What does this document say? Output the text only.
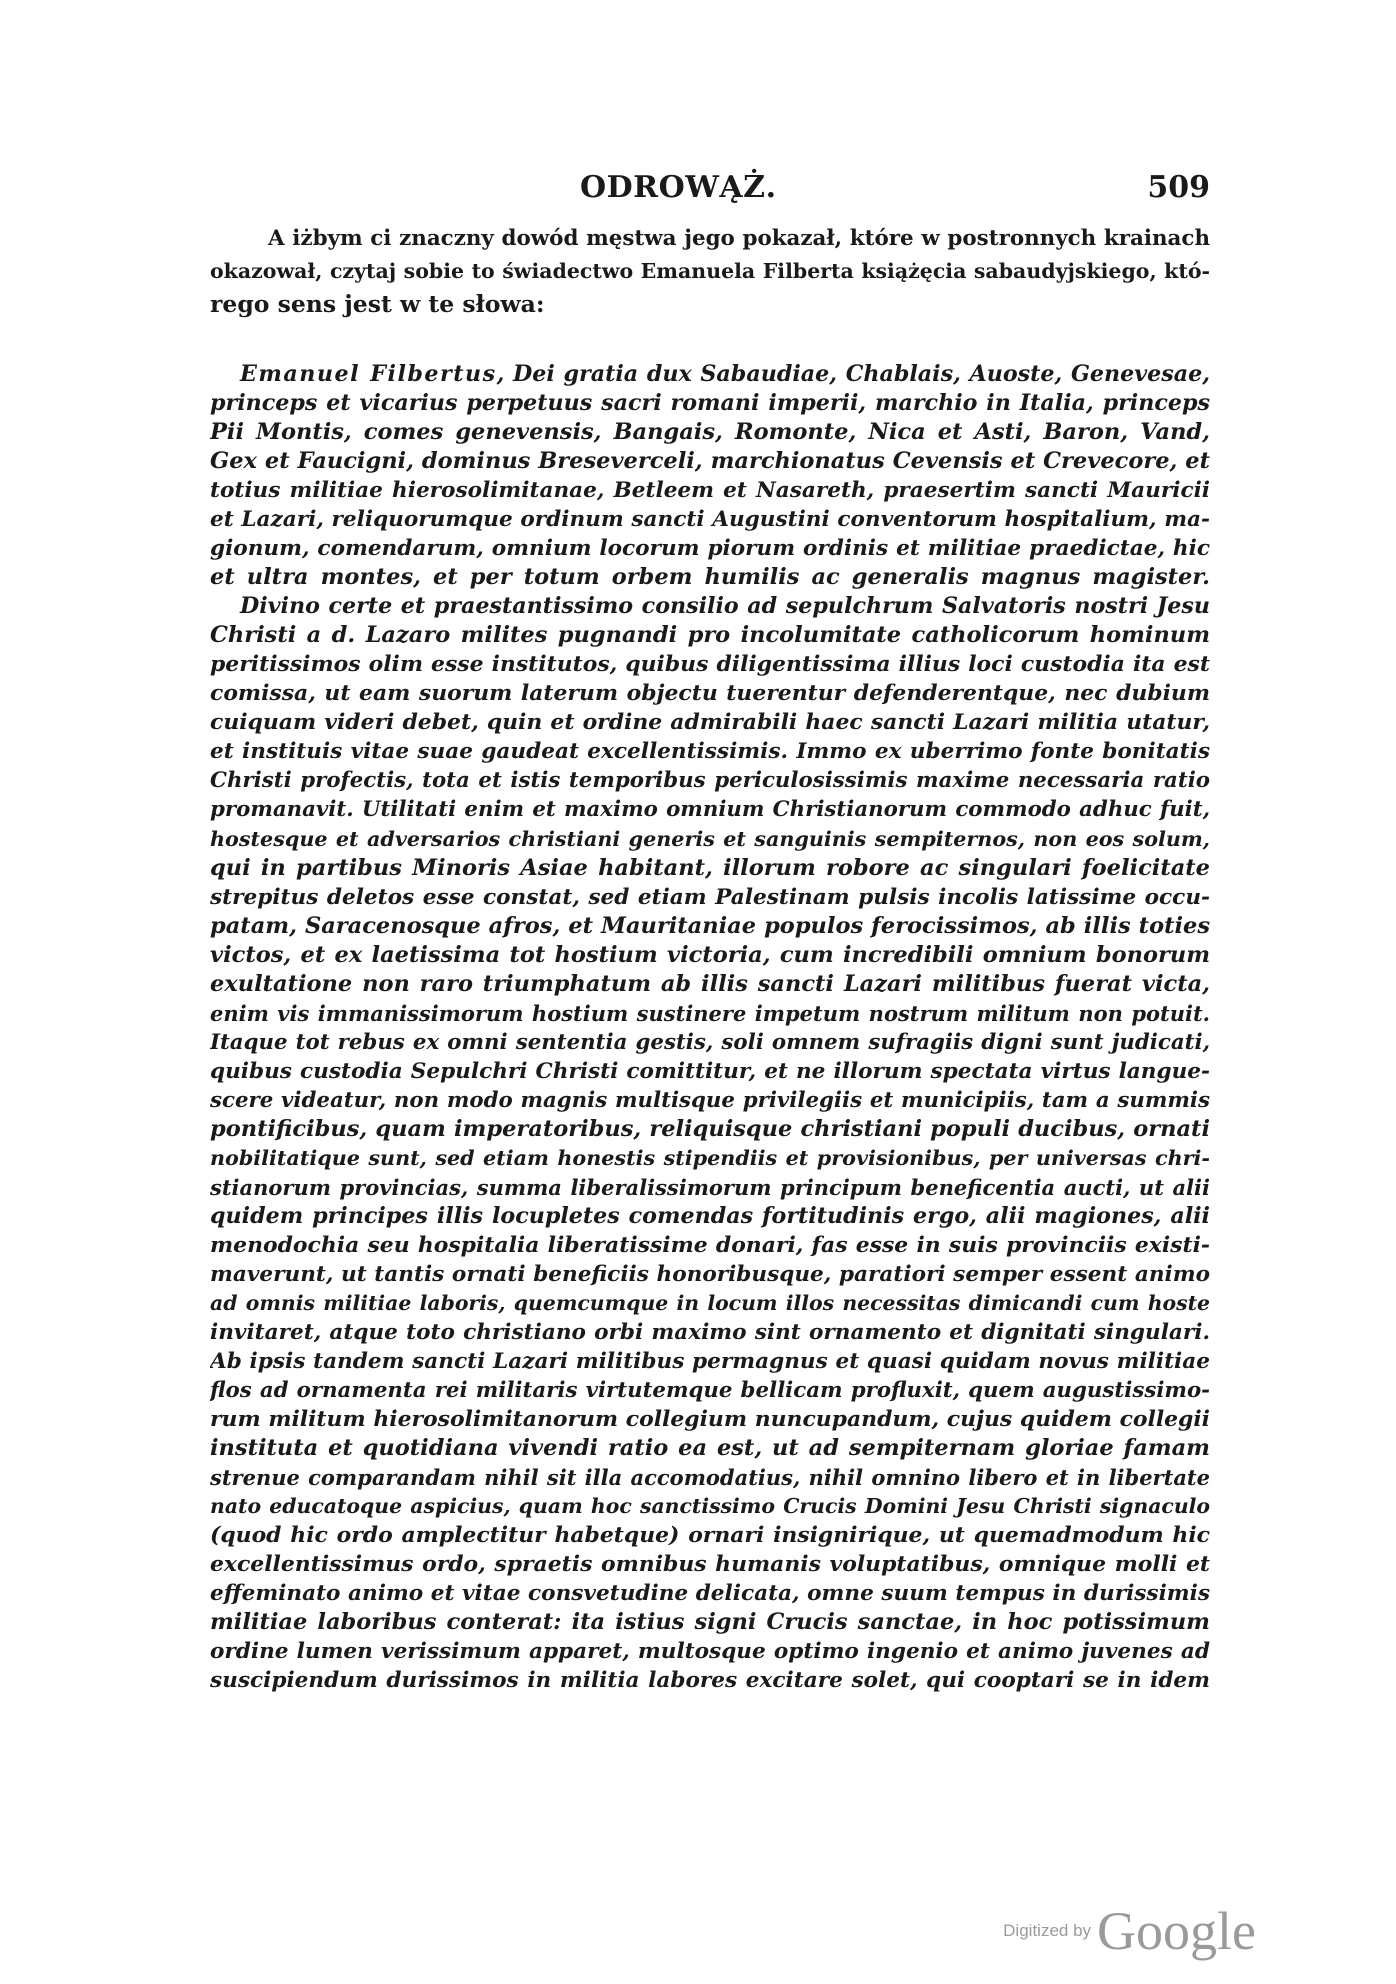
ODROWĄŻ.	509
A iżbym ci znaczny dowód męstwa jego pokazał, które w postronnych krainach
okazował, czytaj sobie to świadectwo Emanuela Filberta książęcia sabaudyjskiego, któ-
rego sens jest w te słowa:
Emanuel Filbertus, Dei gratia dux Sabaudiae, Chablais, Auoste, Genevesae,
princeps et vicarius perpetuus sacri romani imperii, marchio in Italia, princeps
Pii Montis, comes genevensis, Bangais, Romonte, Nica et Asti, Baron, Vand,
Gex et Faucigni, dominus Breseverceli, marchionatus Cevensis et Crevecore, et
totius militiae hierosolimitanae, Betleem et Nasareth, praesertim sancti Mauricii
et Lazari, reliquorumque ordinum sancti Augustini conventorum hospitalium, ma-
gionum, comendarum, omnium locorum piorum ordinis et militiae praedictae, hic
et ultra montes, et per totum orbem humilis ac generalis magnus magister.
Divino certe et praestantissimo consilio ad sepulchrum Salvatoris nostri Jesu
Christi a d. Lazaro milites pugnandi pro incolumitate catholicorum hominum
peritissimos olim esse institutos, quibus diligentissima illius loci custodia ita est
comissa, ut eam suorum laterum objectu tuerentur defenderentque, nec dubium
cuiquam videri debet, quin et ordine admirabili haec sancti Lazari militia utatur,
et instituis vitae suae gaudeat excellentissimis. Immo ex uberrimo fonte bonitatis
Christi profectis, tota et istis temporibus periculosissimis maxime necessaria ratio
promanavit. Utilitati enim et maximo omnium Christianorum commodo adhuc fuit,
hostesque et adversarios christiani generis et sanguinis sempiternos, non eos solum,
qui in partibus Minoris Asiae habitant, illorum robore ac singulari foelicitate
strepitus deletos esse constat, sed etiam Palestinam pulsis incolis latissime occu-
patam, Saracenosque afros, et Mauritaniae populos ferocissimos, ab illis toties
victos, et ex laetissima tot hostium victoria, cum incredibili omnium bonorum
exultatione non raro triumphatum ab illis sancti Lazari militibus fuerat victa,
enim vis immanissimorum hostium sustinere impetum nostrum militum non potuit.
Itaque tot rebus ex omni sententia gestis, soli omnem sufragiis digni sunt judicati,
quibus custodia Sepulchri Christi comittitur, et ne illorum spectata virtus langue-
scere videatur, non modo magnis multisque privilegiis et municipiis, tam a summis
pontificibus, quam imperatoribus, reliquisque christiani populi ducibus, ornati
nobilitatique sunt, sed etiam honestis stipendiis et provisionibus, per universas chri-
stianorum provincias, summa liberalissimorum principum beneficentia aucti, ut alii
quidem principes illis locupletes comendas fortitudinis ergo, alii magiones, alii
menodochia seu hospitalia liberatissime donari, fas esse in suis provinciis existi-
maverunt, ut tantis ornati beneficiis honoribusque, paratiori semper essent animo
ad omnis militiae laboris, quemcumque in locum illos necessitas dimicandi cum hoste
invitaret, atque toto christiano orbi maximo sint ornamento et dignitati singulari.
Ab ipsis tandem sancti Lazari militibus permagnus et quasi quidam novus militiae
flos ad ornamenta rei militaris virtutemque bellicam profluxit, quem augustissimo-
rum militum hierosolimitanorum collegium nuncupandum, cujus quidem collegii
instituta et quotidiana vivendi ratio ea est, ut ad sempiternam gloriae famam
strenue comparandam nihil sit illa accomodatius, nihil omnino libero et in libertate
nato educatoque aspicius, quam hoc sanctissimo Crucis Domini Jesu Christi signaculo
(quod hic ordo amplectitur habetque) ornari insignirique, ut quemadmodum hic
excellentissimus ordo, spraetis omnibus humanis voluptatibus, omnique molli et
effeminato animo et vitae consvetudine delicata, omne suum tempus in durissimis
militiae laboribus conterat: ita istius signi Crucis sanctae, in hoc potissimum
ordine lumen verissimum apparet, multosque optimo ingenio et animo juvenes ad
suscipiendum durissimos in militia labores excitare solet, qui cooptari se in idem
Digitized by Google
